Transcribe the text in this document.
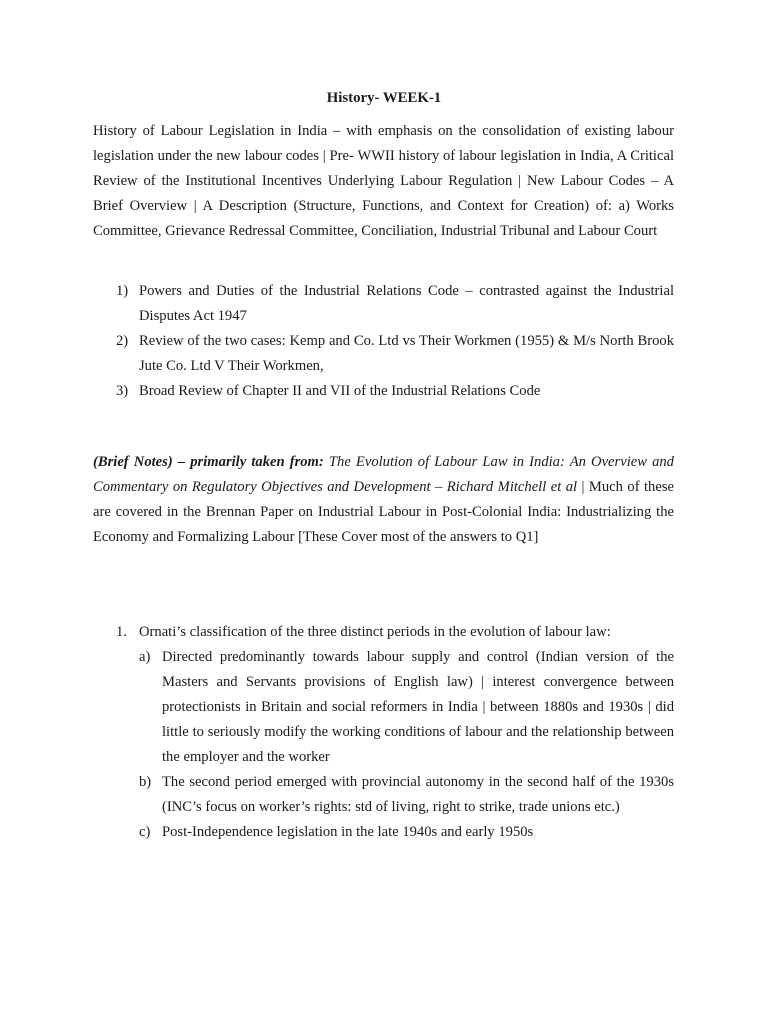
History- WEEK-1

History of Labour Legislation in India – with emphasis on the consolidation of existing labour legislation under the new labour codes | Pre- WWII history of labour legislation in India, A Critical Review of the Institutional Incentives Underlying Labour Regulation | New Labour Codes – A Brief Overview | A Description (Structure, Functions, and Context for Creation) of: a) Works Committee, Grievance Redressal Committee, Conciliation, Industrial Tribunal and Labour Court

1) Powers and Duties of the Industrial Relations Code – contrasted against the Industrial Disputes Act 1947
2) Review of the two cases: Kemp and Co. Ltd vs Their Workmen (1955) & M/s North Brook Jute Co. Ltd V Their Workmen,
3) Broad Review of Chapter II and VII of the Industrial Relations Code

(Brief Notes) – primarily taken from: The Evolution of Labour Law in India: An Overview and Commentary on Regulatory Objectives and Development – Richard Mitchell et al | Much of these are covered in the Brennan Paper on Industrial Labour in Post-Colonial India: Industrializing the Economy and Formalizing Labour [These Cover most of the answers to Q1]

1. Ornati’s classification of the three distinct periods in the evolution of labour law:
a) Directed predominantly towards labour supply and control (Indian version of the Masters and Servants provisions of English law) | interest convergence between protectionists in Britain and social reformers in India | between 1880s and 1930s | did little to seriously modify the working conditions of labour and the relationship between the employer and the worker
b) The second period emerged with provincial autonomy in the second half of the 1930s (INC’s focus on worker’s rights: std of living, right to strike, trade unions etc.)
c) Post-Independence legislation in the late 1940s and early 1950s
